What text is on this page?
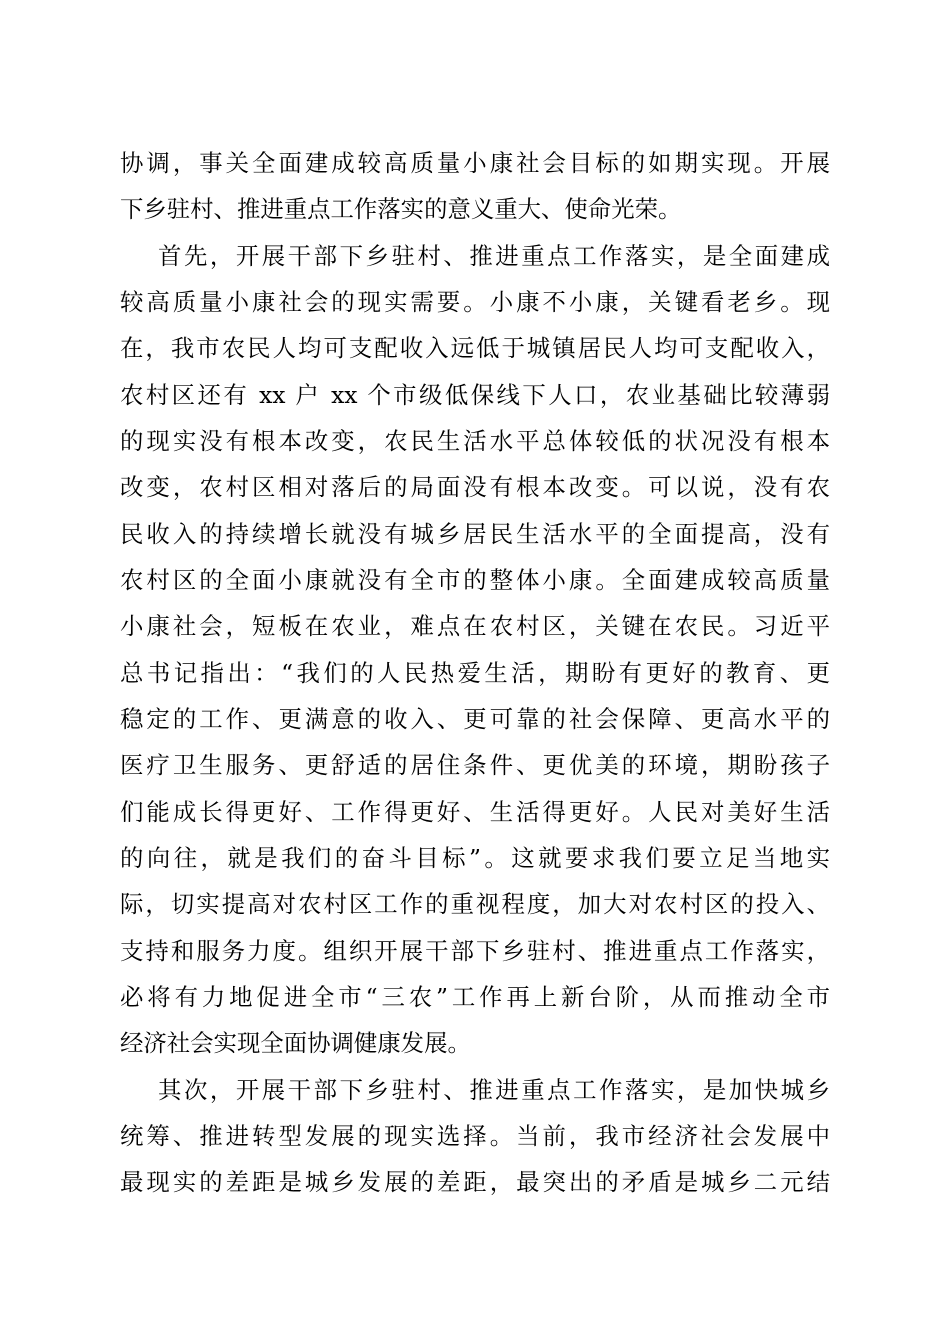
协调，事关全面建成较高质量小康社会目标的如期实现。开展
下乡驻村、推进重点工作落实的意义重大、使命光荣。
首先，开展干部下乡驻村、推进重点工作落实，是全面建成
较高质量小康社会的现实需要。小康不小康，关键看老乡。现
在，我市农民人均可支配收入远低于城镇居民人均可支配收入，
农村区还有 xx 户 xx 个市级低保线下人口，农业基础比较薄弱
的现实没有根本改变，农民生活水平总体较低的状况没有根本
改变，农村区相对落后的局面没有根本改变。可以说，没有农
民收入的持续增长就没有城乡居民生活水平的全面提高，没有
农村区的全面小康就没有全市的整体小康。全面建成较高质量
小康社会，短板在农业，难点在农村区，关键在农民。习近平
总书记指出：“我们的人民热爱生活，期盼有更好的教育、更
稳定的工作、更满意的收入、更可靠的社会保障、更高水平的
医疗卫生服务、更舒适的居住条件、更优美的环境，期盼孩子
们能成长得更好、工作得更好、生活得更好。人民对美好生活
的向往，就是我们的奋斗目标”。这就要求我们要立足当地实
际，切实提高对农村区工作的重视程度，加大对农村区的投入、
支持和服务力度。组织开展干部下乡驻村、推进重点工作落实，
必将有力地促进全市“三农”工作再上新台阶，从而推动全市
经济社会实现全面协调健康发展。
其次，开展干部下乡驻村、推进重点工作落实，是加快城乡
统筹、推进转型发展的现实选择。当前，我市经济社会发展中
最现实的差距是城乡发展的差距，最突出的矛盾是城乡二元结
